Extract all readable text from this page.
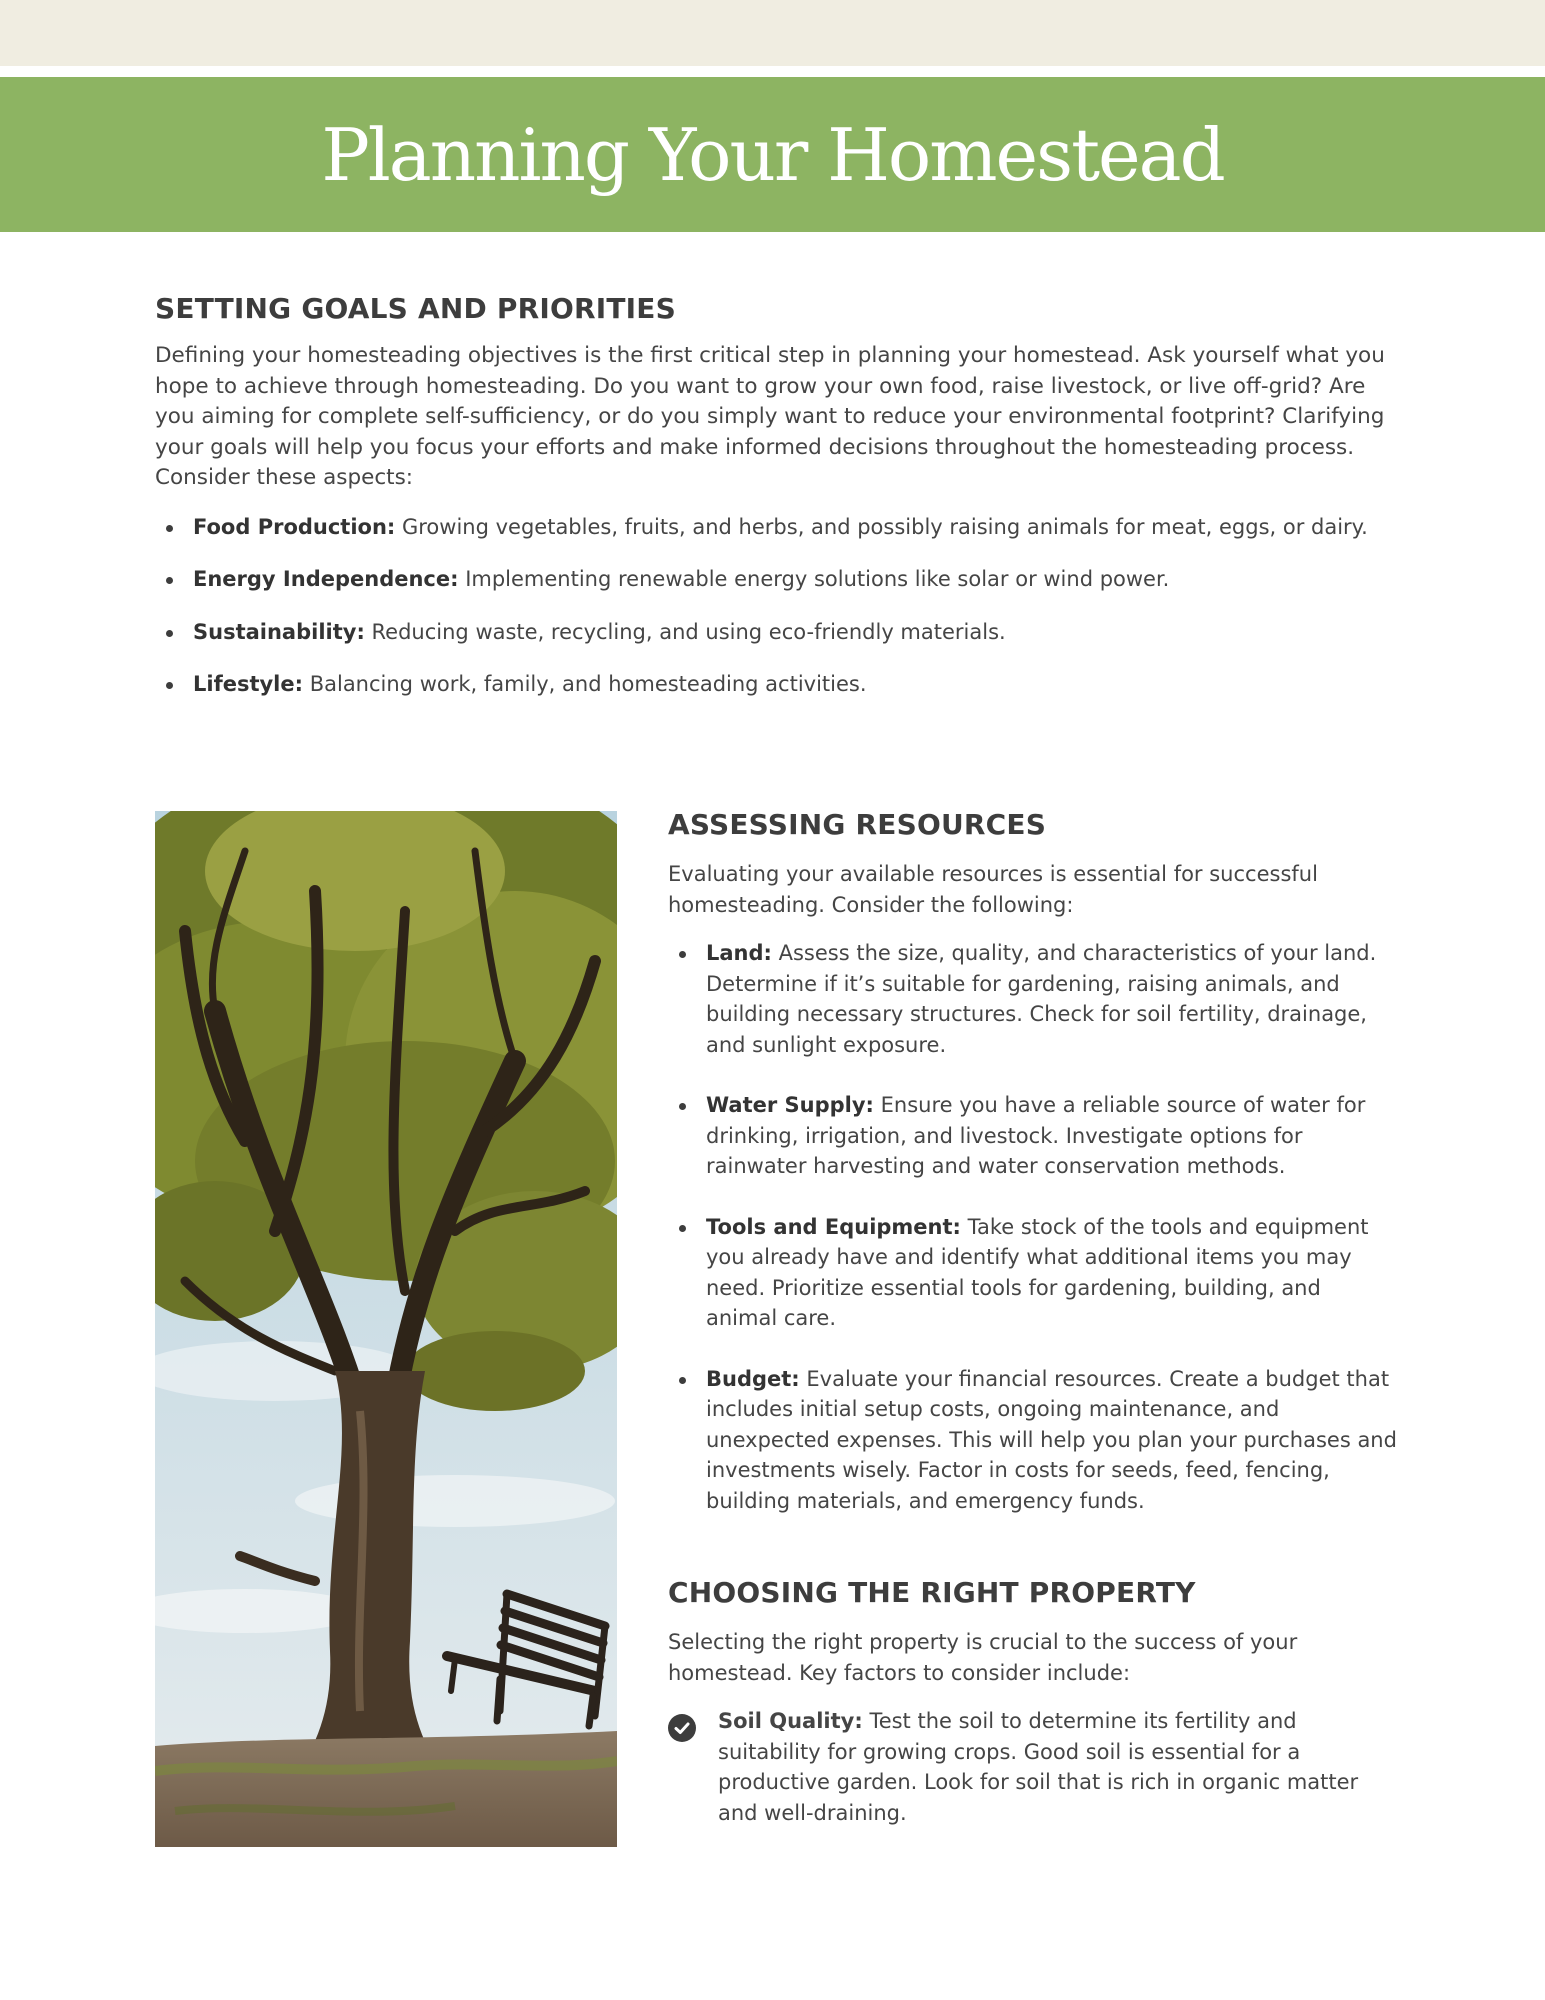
Planning Your Homestead
SETTING GOALS AND PRIORITIES

Defining your homesteading objectives is the first critical step in planning your homestead. Ask yourself what you hope to achieve through homesteading. Do you want to grow your own food, raise livestock, or live off-grid? Are you aiming for complete self-sufficiency, or do you simply want to reduce your environmental footprint? Clarifying your goals will help you focus your efforts and make informed decisions throughout the homesteading process. Consider these aspects:

Food Production: Growing vegetables, fruits, and herbs, and possibly raising animals for meat, eggs, or dairy.
Energy Independence: Implementing renewable energy solutions like solar or wind power.
Sustainability: Reducing waste, recycling, and using eco-friendly materials.
Lifestyle: Balancing work, family, and homesteading activities.
ASSESSING RESOURCES

Evaluating your available resources is essential for successful homesteading. Consider the following:

Land: Assess the size, quality, and characteristics of your land. Determine if it’s suitable for gardening, raising animals, and building necessary structures. Check for soil fertility, drainage, and sunlight exposure.
Water Supply: Ensure you have a reliable source of water for drinking, irrigation, and livestock. Investigate options for rainwater harvesting and water conservation methods.
Tools and Equipment: Take stock of the tools and equipment you already have and identify what additional items you may need. Prioritize essential tools for gardening, building, and animal care.
Budget: Evaluate your financial resources. Create a budget that includes initial setup costs, ongoing maintenance, and unexpected expenses. This will help you plan your purchases and investments wisely. Factor in costs for seeds, feed, fencing, building materials, and emergency funds.
CHOOSING THE RIGHT PROPERTY

Selecting the right property is crucial to the success of your homestead. Key factors to consider include:

Soil Quality: Test the soil to determine its fertility and suitability for growing crops. Good soil is essential for a productive garden. Look for soil that is rich in organic matter and well-draining.
